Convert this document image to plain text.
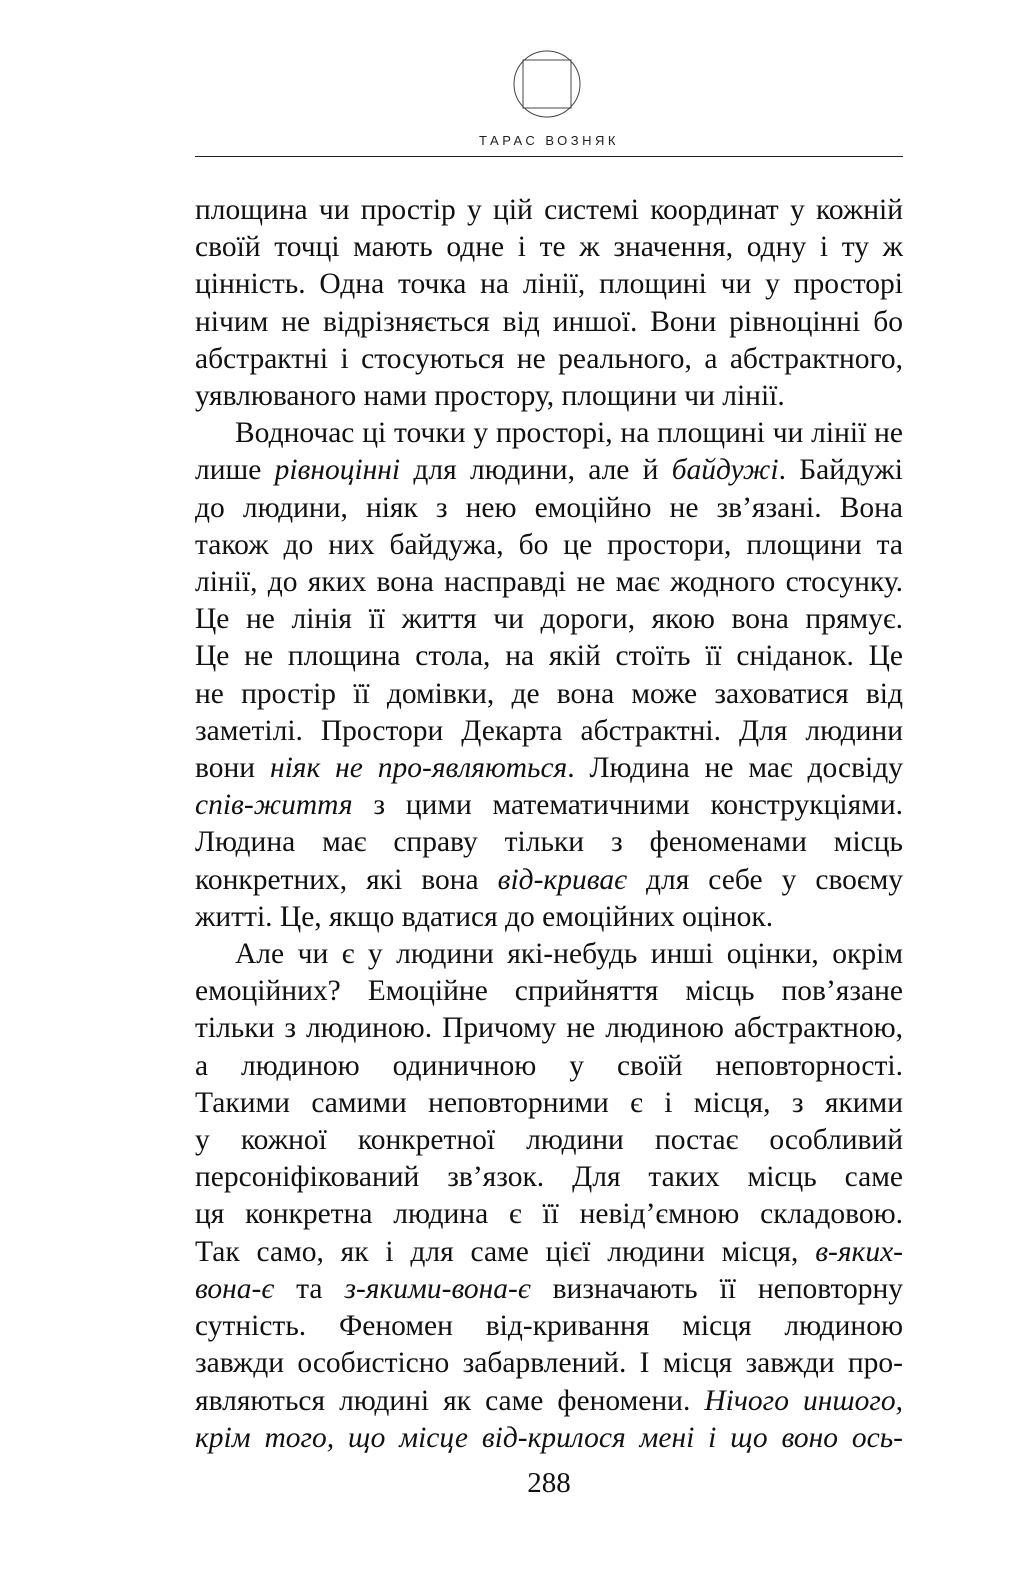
ТАРАС ВОЗНЯК

площина чи простір у цій системі координат у кожній

своїй точці мають одне і те ж значення, одну і ту ж

цінність. Одна точка на лінії, площині чи у просторі

нічим не відрізняється від иншої. Вони рівноцінні бо

абстрактні і стосуються не реального, а абстрактного,

уявлюваного нами простору, площини чи лінії.

Водночас ці точки у просторі, на площині чи лінії не

лише рівноцінні для людини, але й байдужі. Байдужі

до людини, ніяк з нею емоційно не зв’язані. Вона

також до них байдужа, бо це простори, площини та

лінії, до яких вона насправді не має жодного стосунку.

Це не лінія її життя чи дороги, якою вона прямує.

Це не площина стола, на якій стоїть її сніданок. Це

не простір її домівки, де вона може заховатися від

заметілі. Простори Декарта абстрактні. Для людини

вони ніяк не про-являються. Людина не має досвіду

спів-життя з цими математичними конструкціями.

Людина має справу тільки з феноменами місць

конкретних, які вона від-криває для себе у своєму

житті. Це, якщо вдатися до емоційних оцінок.

Але чи є у людини які-небудь инші оцінки, окрім

емоційних? Емоційне сприйняття місць пов’язане

тільки з людиною. Причому не людиною абстрактною,

а людиною одиничною у своїй неповторності.

Такими самими неповторними є і місця, з якими

у кожної конкретної людини постає особливий

персоніфікований зв’язок. Для таких місць саме

ця конкретна людина є її невід’ємною складовою.

Так само, як і для саме цієї людини місця, в-яких-

вона-є та з-якими-вона-є визначають її неповторну

сутність. Феномен від-кривання місця людиною

завжди особистісно забарвлений. І місця завжди про-

являються людині як саме феномени. Нічого иншого,

крім того, що місце від-крилося мені і що воно ось-

288
